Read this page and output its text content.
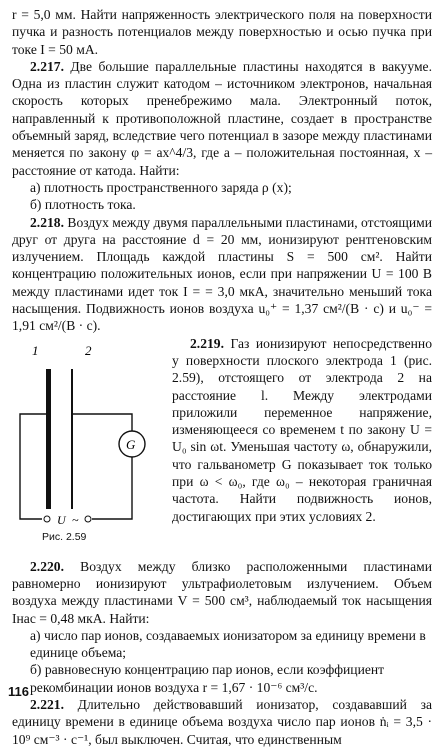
r = 5,0 мм. Найти напряженность электрического поля на поверхности пучка и разность потенциалов между поверхностью и осью пучка при токе I = 50 мА.

2.217. Две большие параллельные пластины находятся в вакууме. Одна из пластин служит катодом – источником электронов, начальная скорость которых пренебрежимо мала. Электронный поток, направленный к противоположной пластине, создает в пространстве объемный заряд, вследствие чего потенциал в зазоре между пластинами меняется по закону φ = ax^4/3, где a – положительная постоянная, x – расстояние от катода. Найти:

а) плотность пространственного заряда ρ (x);

б) плотность тока.

2.218. Воздух между двумя параллельными пластинами, отстоящими друг от друга на расстояние d = 20 мм, ионизируют рентгеновским излучением. Площадь каждой пластины S = 500 см². Найти концентрацию положительных ионов, если при напряжении U = 100 В между пластинами идет ток I = = 3,0 мкА, значительно меньший тока насыщения. Подвижность ионов воздуха u₀⁺ = 1,37 см²/(В · с) и u₀⁻ = 1,91 см²/(В · с).

1	2
G
U ~
Рис. 2.59

2.219. Газ ионизируют непосредственно у поверхности плоского электрода 1 (рис. 2.59), отстоящего от электрода 2 на расстояние l. Между электродами приложили переменное напряжение, изменяющееся со временем t по закону U = U₀ sin ωt. Уменьшая частоту ω, обнаружили, что гальванометр G показывает ток только при ω < ω₀, где ω₀ – некоторая граничная частота. Найти подвижность ионов, достигающих при этих условиях 2.

2.220. Воздух между близко расположенными пластинами равномерно ионизируют ультрафиолетовым излучением. Объем воздуха между пластинами V = 500 см³, наблюдаемый ток насыщения Iнас = 0,48 мкА. Найти:

а) число пар ионов, создаваемых ионизатором за единицу времени в единице объема;

б) равновесную концентрацию пар ионов, если коэффициент рекомбинации ионов воздуха r = 1,67 · 10⁻⁶ см³/с.

2.221. Длительно действовавший ионизатор, создававший за единицу времени в единице объема воздуха число пар ионов ṅᵢ = 3,5 · 10⁹ см⁻³ · с⁻¹, был выключен. Считая, что единственным

116
